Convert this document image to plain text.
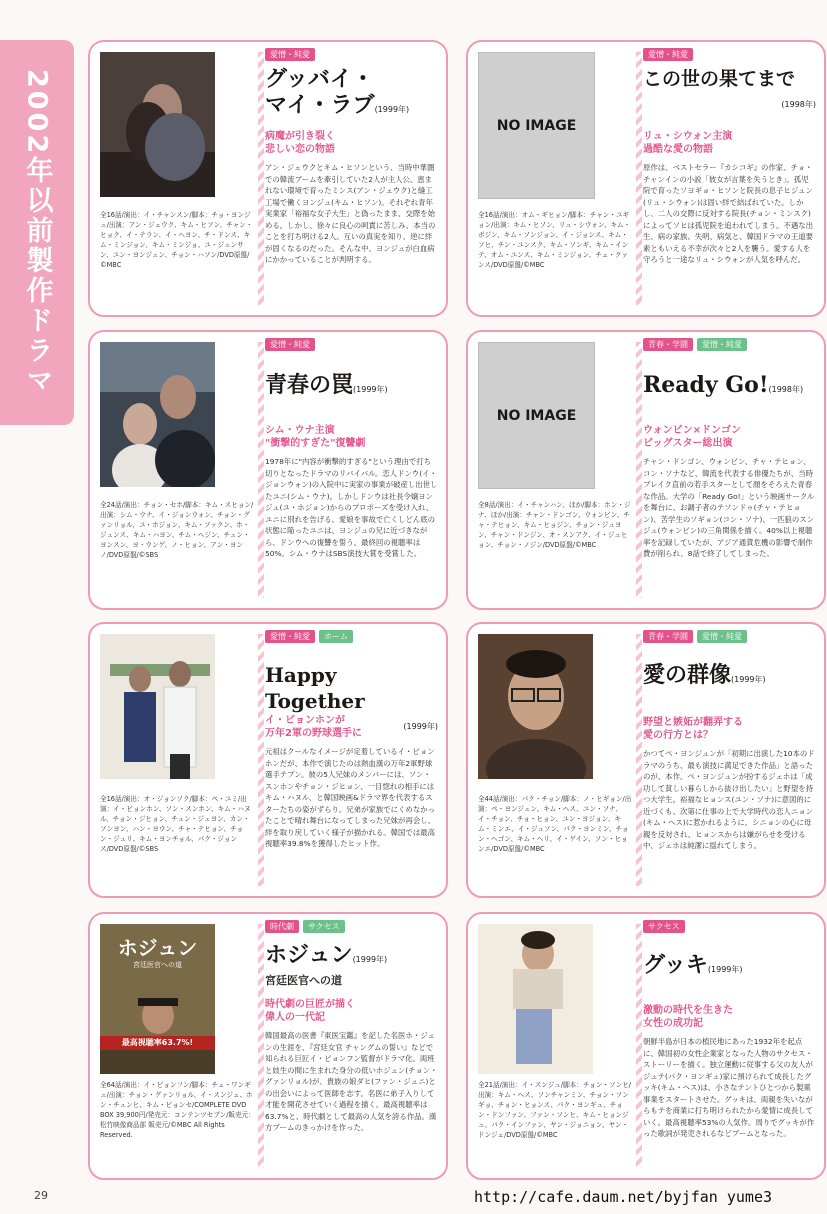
2002年以前製作ドラマ
愛憎・純愛
グッバイ・
マイ・ラブ(1999年)
病魔が引き裂く
悲しい恋の物語
アン・ジェウクとキム・ヒソンという、当時中華圏での韓流ブームを牽引していた2人が主人公。恵まれない環境で育ったミンス(アン・ジェウク)と縫工工場で働くヨンジュ(キム・ヒソン)。それぞれ青年実業家「裕福な女子大生」と偽ったまま、交際を始める。しかし、徐々に良心の呵責に苦しみ、本当のことを打ち明ける2人。互いの真実を知り、逆に絆が固くなるのだった。そんな中、ヨンジュが白血病にかかっていることが判明する。
全16話/演出：イ・チャンスン/脚本：チョ・ヨンジュ/出演：アン・ジェウク、キム・ヒソン、チャン・ヒョク、イ・テラン、イ・ヘヨン、チ・ドンス、キム・ミンジョン、キム・ミンジョ、ユ・ジュンサン、ユン・ヨンジュン、チョン・ハソン/DVD原盤/©MBC
NO IMAGE
愛憎・純愛
この世の果てまで

(1998年)
リュ・シウォン主演
過酷な愛の物語
原作は、ベストセラー『カシコギ』の作家、チョ・チャンインの小説「彼女が言葉を失うとき」。孤児院で育ったソヨギョ・ヒソンと院長の息子ヒジュン(リュ・シウォン)は固い絆で結ばれていた。しかし、二人の交際に反対する院長(チョン・ミンスク)によってソヒは孤児院を追われてしまう。不遇な出生、病の家族、失明、病気と、韓国ドラマの王道要素ともいえる不幸が次々と2人を襲う。愛する人を守ろうと一途なリュ・シウォンが人気を呼んだ。
全16話/演出：オム・ギヒョン/脚本：チャン・ユギョン/出演：キム・ヒソン、リュ・シウォン、キム・ボジン、キム・ソンジョン、イ・ジョンス、キム・ソヒ、チン・ユンスク、キム・ソンギ、キム・インテ、オム・ユンス、キム・ミンジョン、チェ・クァンス/DVD原盤/©MBC
愛憎・純愛
青春の罠(1999年)
シム・ウナ主演
"衝撃的すぎた"復讐劇
1978年に"内容が衝撃的すぎる"という理由で打ち切りとなったドラマのリバイバル。恋人ドンウ(イ・ジョンウォン)の入院中に実家の事業が破産し出世したユニ(シム・ウナ)。しかしドンウは社長令嬢ヨンジュ(ユ・ホジョン)からのプロポーズを受け入れ、ユニに別れを告げる。愛娘を事故で亡くしどん底の状態に陥ったユニは、ヨンジュの兄に近づきながら、ドンウへの復讐を誓う。最終回の視聴率は50%。シム・ウナはSBS演技大賞を受賞した。
全24話/演出：チョン・セホ/脚本：キム・スヒョン/出演：シム・ウナ、イ・ジョンウォン、チョン・グァンリョル、ユ・ホジョン、キム・ソックン、ホ・ジュンス、キム・ハヨン、チム・ヘジン、チュン・ヨンスン、ヨ・ウンゲ、ノ・ヒョン、アン・ヨンノ/DVD原盤/©SBS
NO IMAGE
青春・学園	愛憎・純愛
Ready Go!(1998年)
ウォンビン×ドンゴン
ビッグスター総出演
チャン・ドンゴン、ウォンビン、チャ・テヒョン、コン・ソナなど、韓流を代表する俳優たちが、当時ブレイク直前の若手スターとして顔をそろえた青春な作品。大学の「Ready Go!」という映画サークルを舞台に、お調子者のテソンドゥ(チャ・テヒョン)、苦学生のソギョン(コン・ソナ)、一匹狼のスンジュ(ウォンビン)の三角関係を描く。40%以上視聴率を記録していたが、アジア通貨危機の影響で制作費が削られ、8話で終了してしまった。
全8話/演出：イ・チャンハン、ほか/脚本：ホン・ジナ、ほか/出演：チャン・ドンゴン、ウォンビン、チャ・テヒョン、キム・ヒョジン、チョン・ジュヨン、チャン・ドンジン、オ・スンアク、イ・ジュヒョン、チョン・ノジン/DVD原盤/©MBC
愛憎・純愛	ホーム
Happy Together

(1999年)
イ・ビョンホンが
万年2軍の野球選手に
元祖はクールなイメージが定着しているイ・ビョンホンだが、本作で演じたのは熱血漢の万年2軍野球選手テプン。彼の5人兄妹のメンバーには、ソン・スンホンやチョン・ジヒョン、一目惚れの相手にはキム・ハヌル、と韓国映画&ドラマ界を代表するスターたちの姿がずらり。兄弟が家族でにくめなかったことで晴れ舞台になってしまった兄妹が再会し、絆を取り戻していく様子が描かれる。韓国では最高視聴率39.8%を獲得したヒット作。
全16話/演出：オ・ジョンソク/脚本：ペ・ユミ/出演：イ・ビョンホン、ソン・スンホン、キム・ハヌル、チョン・ジヒョン、チュン・ジュヨン、カン・ソンヨン、ハン・ヨウン、チャ・テヒョン、チョン・ジュリ、キム・ヨンチョル、パク・ジョンス/DVD原盤/©SBS
青春・学園	愛憎・純愛
愛の群像(1999年)
野望と嫉妬が翻弄する
愛の行方とは？
かつてペ・ヨンジュンが「初期に出演した10本のドラマのうち、最も演技に満足できた作品」と語ったのが、本作。ペ・ヨンジュンが扮するジェホは「成功して貧しい暮らしから抜け出したい」と野望を持つ大学生。裕福なヒョンス(ユン・ソナ)に意図的に近づくも、次第に仕事の上で大学時代の恋人ニョン(キム・ヘス)に惹かれるように。シニョンの心に母親を反対され、ヒョンスからは嫌がらせを受ける中、ジェホは純潔に揺れてしまう。
全44話/演出：パク・チョン/脚本：ノ・ヒギョン/出演：ペ・ヨンジュン、キム・ヘス、ユン・ソナ、イ・チョン、チョ・ヒョン、ユン・ヨジョン、キム・ミンエ、イ・ジュソン、パク・ヨンミン、チョン・ヘゴン、キム・ヘリ、イ・ゲイン、ソン・ヒョンエ/DVD原盤/©MBC
ホジュン
宮廷医官への道
最高視聴率63.7%!
時代劇	サクセス
ホジュン(1999年)
宮廷医官への道
時代劇の巨匠が描く
偉人の一代記
韓国最高の医書『東医宝鑑』を記した名医ホ・ジュンの生涯を、『宮廷女官 チャングムの誓い』などで知られる巨匠イ・ビョンフン監督がドラマ化。両班と妓生の間に生まれた身分の低いホジュン(チョン・グァンリョル)が、貴族の娘ダヒ(ファン・ジュニ)との出会いによって医師を志す。名医に弟子入りして才能を開花させていく過程を描く。最高視聴率は63.7%と、時代劇として最高の人気を誇る作品。漢方ブームのきっかけを作った。
全64話/演出：イ・ビョンフン/脚本：チェ・ワンギュ/出演：チョン・グァンリョル、イ・スンジェ、ホン・チュンヒ、キム・ビョンセ/COMPLETE DVD BOX 39,900円/発売元：コンテンツセブン/販売元：松竹映像商品部 販売元/©MBC All Rights Reserved.
サクセス
グッキ(1999年)
激動の時代を生きた
女性の成功記
朝鮮半島が日本の植民地にあった1932年を起点に、韓国初の女性企業家となった人物のサクセス・ストーリーを描く。独立運動に従事する父の友人がジュテ(パク・ヨンギュ)家に預けられて成長したグッキ(キム・ヘス)は、小さなテントひとつから製菓事業をスタートさせた。グッキは、両親を失いながらもテを商業に打ち明けられたから愛情に成長していく。最高視聴率53%の人気作。周りでグッキが作った歌詞が発売されるなどブームとなった。
全21話/演出：イ・スンジュ/脚本：チョン・ソンヒ/出演：キム・ヘス、ソンチャンミン、チョン・ソンギョ、チョン・ヒョンス、パク・ヨンギュ、チョン・ドンファン、ファン・ソンヒ、キム・ヒョンジュ、パク・インファン、ヤン・ジョニョン、ヤン・ドンジェ/DVD原盤/©MBC
29	http://cafe.daum.net/byjfan yume3
